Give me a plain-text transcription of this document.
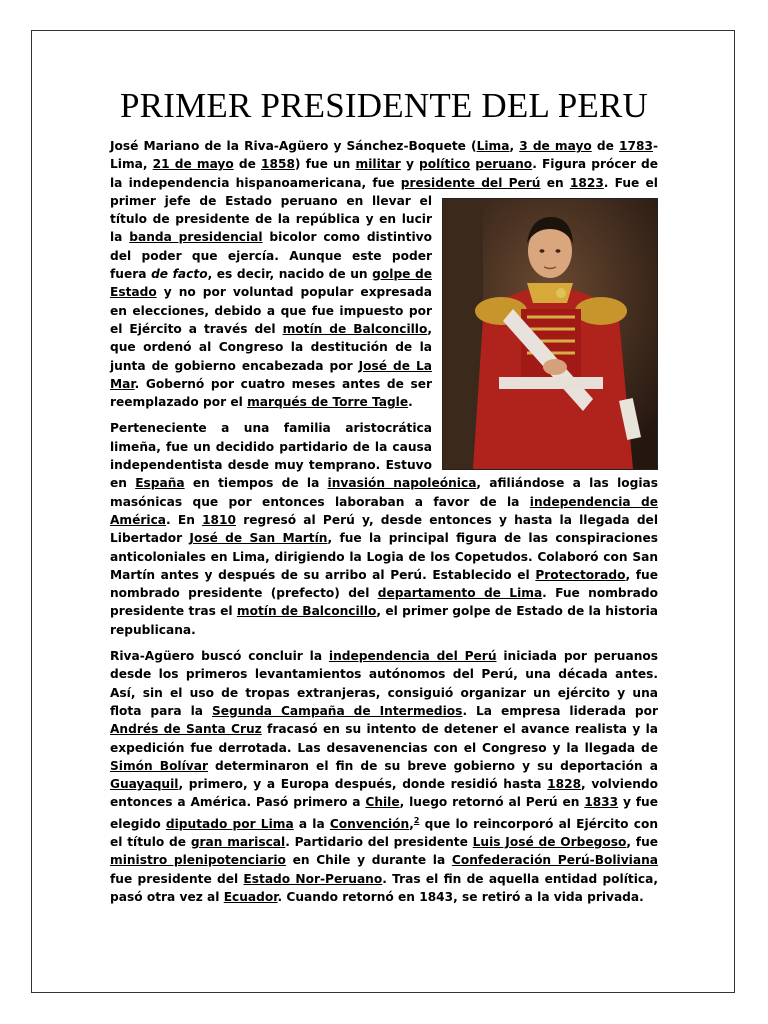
PRIMER PRESIDENTE DEL PERU

José Mariano de la Riva-Agüero y Sánchez-Boquete (Lima, 3 de mayo de 1783-Lima, 21 de mayo de 1858) fue un militar y político peruano. Figura prócer de la independencia hispanoamericana, fue presidente del Perú en 1823
. Fue el primer jefe de Estado peruano en llevar el título de presidente de la república y en lucir la banda presidencial bicolor como distintivo del poder que ejercía. Aunque este poder fuera de facto, es decir, nacido de un golpe de Estado y no por voluntad popular expresada en elecciones, debido a que fue impuesto por el Ejército a través del motín de Balconcillo, que ordenó al Congreso la destitución de la junta de gobierno encabezada por José de La Mar. Gobernó por cuatro meses antes de ser reemplazado por el marqués de Torre Tagle.

Perteneciente a una familia aristocrática limeña, fue un decidido partidario de la causa independentista desde muy temprano. Estuvo en España en tiempos de la invasión napoleónica, afiliándose a las logias masónicas que por entonces laboraban a favor de la independencia de América. En 1810 regresó al Perú y, desde entonces y hasta la llegada del Libertador José de San Martín, fue la principal figura de las conspiraciones anticoloniales en Lima, dirigiendo la Logia de los Copetudos. Colaboró con San Martín antes y después de su arribo al Perú. Establecido el Protectorado, fue nombrado presidente (prefecto) del departamento de Lima. Fue nombrado presidente tras el motín de Balconcillo, el primer golpe de Estado de la historia republicana.

Riva-Agüero buscó concluir la independencia del Perú iniciada por peruanos desde los primeros levantamientos autónomos del Perú, una década antes. Así, sin el uso de tropas extranjeras, consiguió organizar un ejército y una flota para la Segunda Campaña de Intermedios. La empresa liderada por Andrés de Santa Cruz fracasó en su intento de detener el avance realista y la expedición fue derrotada. Las desavenencias con el Congreso y la llegada de Simón Bolívar determinaron el fin de su breve gobierno y su deportación a Guayaquil, primero, y a Europa después, donde residió hasta 1828, volviendo entonces a América. Pasó primero a Chile, luego retornó al Perú en 1833 y fue elegido diputado por Lima a la Convención,$^2$ que lo reincorporó al Ejército con el título de gran mariscal. Partidario del presidente Luis José de Orbegoso, fue ministro plenipotenciario en Chile y durante la Confederación Perú-Boliviana fue presidente del Estado Nor-Peruano. Tras el fin de aquella entidad política, pasó otra vez al Ecuador. Cuando retornó en 1843, se retiró a la vida privada.
